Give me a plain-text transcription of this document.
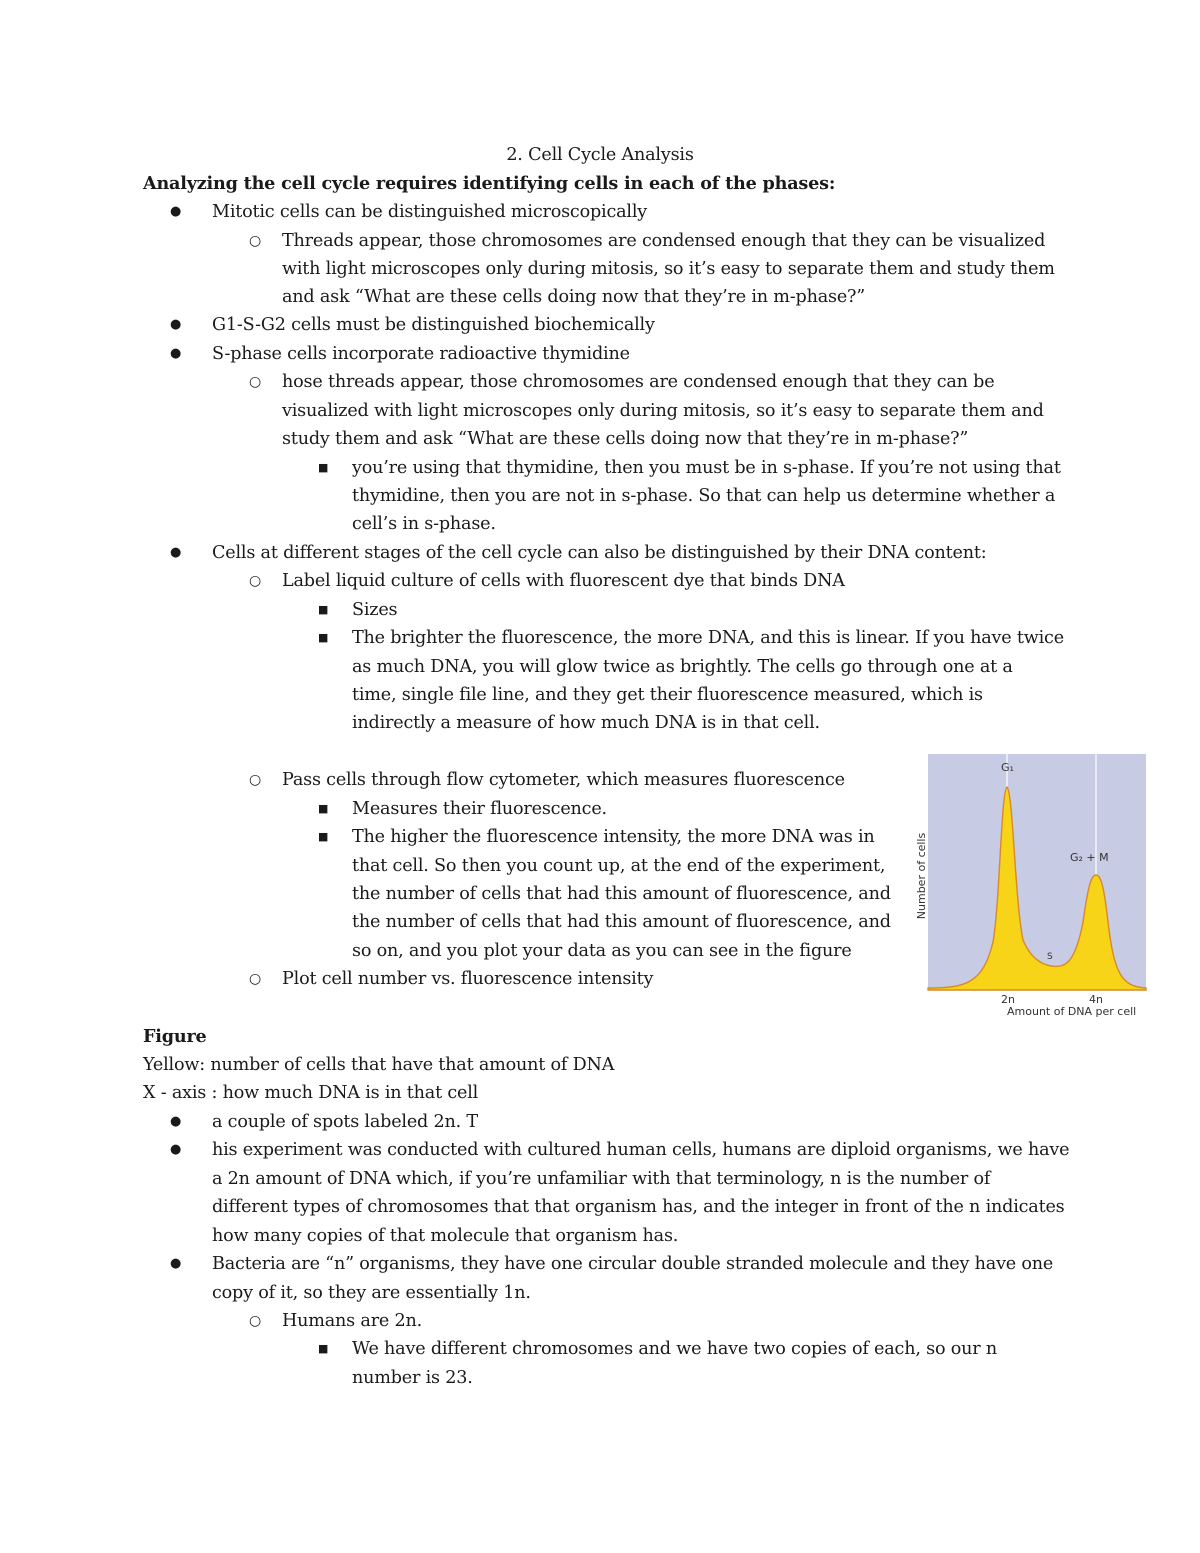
2. Cell Cycle Analysis
Analyzing the cell cycle requires identifying cells in each of the phases:
● Mitotic cells can be distinguished microscopically
○ Threads appear, those chromosomes are condensed enough that they can be visualized
with light microscopes only during mitosis, so it’s easy to separate them and study them
and ask “What are these cells doing now that they’re in m-phase?”
● G1-S-G2 cells must be distinguished biochemically
● S-phase cells incorporate radioactive thymidine
○ hose threads appear, those chromosomes are condensed enough that they can be
visualized with light microscopes only during mitosis, so it’s easy to separate them and
study them and ask “What are these cells doing now that they’re in m-phase?”
■ you’re using that thymidine, then you must be in s-phase. If you’re not using that
thymidine, then you are not in s-phase. So that can help us determine whether a
cell’s in s-phase.
● Cells at different stages of the cell cycle can also be distinguished by their DNA content:
○ Label liquid culture of cells with fluorescent dye that binds DNA
■ Sizes
■ The brighter the fluorescence, the more DNA, and this is linear. If you have twice
as much DNA, you will glow twice as brightly. The cells go through one at a
time, single file line, and they get their fluorescence measured, which is
indirectly a measure of how much DNA is in that cell.
○ Pass cells through flow cytometer, which measures fluorescence
■ Measures their fluorescence.
■ The higher the fluorescence intensity, the more DNA was in
that cell. So then you count up, at the end of the experiment,
the number of cells that had this amount of fluorescence, and
the number of cells that had this amount of fluorescence, and
so on, and you plot your data as you can see in the figure
○ Plot cell number vs. fluorescence intensity
Figure
Yellow: number of cells that have that amount of DNA
X - axis : how much DNA is in that cell
● a couple of spots labeled 2n. T
● his experiment was conducted with cultured human cells, humans are diploid organisms, we have
a 2n amount of DNA which, if you’re unfamiliar with that terminology, n is the number of
different types of chromosomes that that organism has, and the integer in front of the n indicates
how many copies of that molecule that organism has.
● Bacteria are “n” organisms, they have one circular double stranded molecule and they have one
copy of it, so they are essentially 1n.
○ Humans are 2n.
■ We have different chromosomes and we have two copies of each, so our n
number is 23.
G₁
S
G₂ + M
2n	4n
Amount of DNA per cell
Number of cells
